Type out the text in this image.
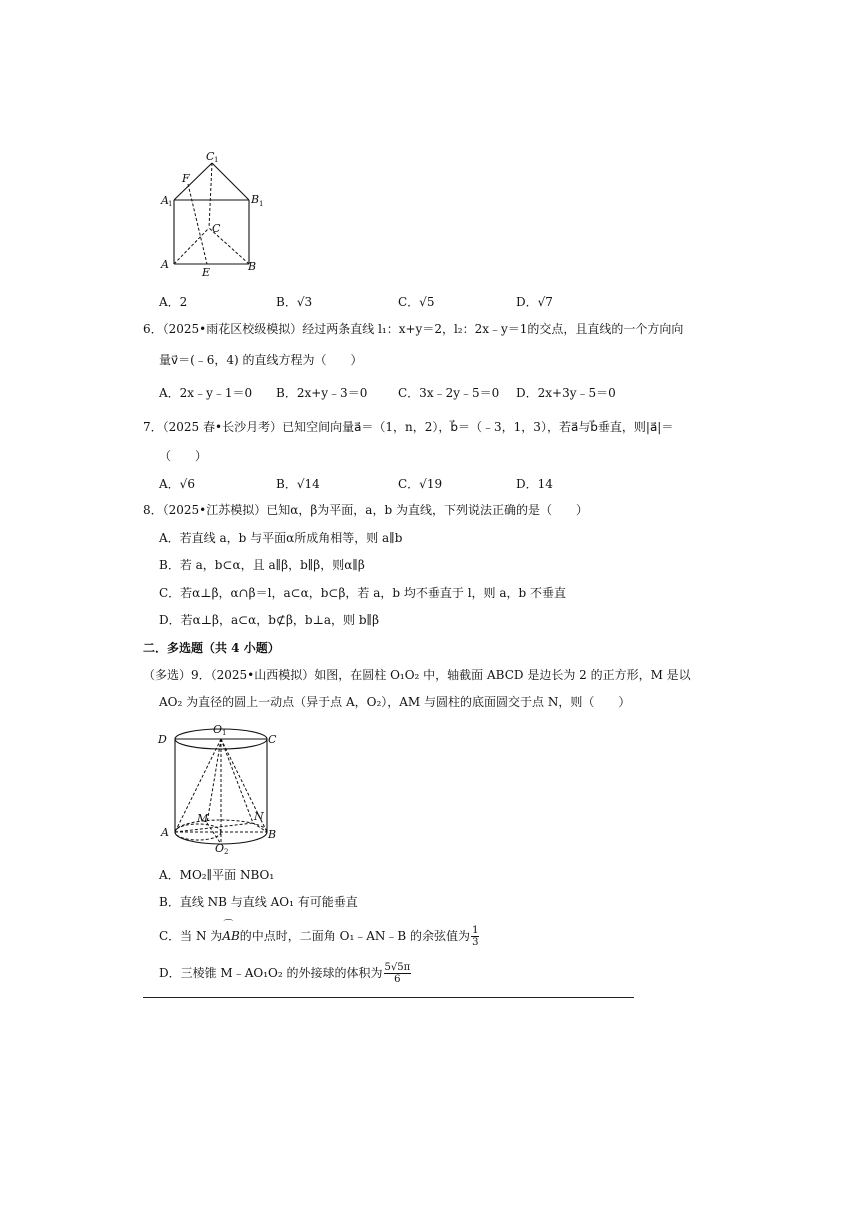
C 1
F
A 1	B 1
C
A
E	B
A．2	B．√3	C．√5	D．√7
6．（2025•雨花区校级模拟）经过两条直线 l₁：x+y＝2，l₂：2x﹣y＝1的交点，且直线的一个方向向
量v⃗＝(﹣6，4) 的直线方程为（　　）
A．2x﹣y﹣1＝0 B．2x+y﹣3＝0	C．3x﹣2y﹣5＝0 D．2x+3y﹣5＝0
7．（2025 春•长沙月考）已知空间向量a⃗＝（1，n，2），b⃗＝（﹣3，1，3），若a⃗与b⃗垂直，则|a⃗|＝
（　　）
A．√6	B．√14	C．√19	D．14
8．（2025•江苏模拟）已知α，β为平面，a，b 为直线，下列说法正确的是（　　）
A．若直线 a，b 与平面α所成角相等，则 a∥b
B．若 a，b⊂α，且 a∥β，b∥β，则α∥β
C．若α⊥β，α∩β＝l，a⊂α，b⊂β，若 a，b 均不垂直于 l，则 a，b 不垂直
D．若α⊥β，a⊂α，b⊄β，b⊥a，则 b∥β
二．多选题（共 4 小题）
（多选）9．（2025•山西模拟）如图，在圆柱 O₁O₂ 中，轴截面 ABCD 是边长为 2 的正方形，M 是以
AO₂ 为直径的圆上一动点（异于点 A，O₂），AM 与圆柱的底面圆交于点 N，则（　　）
D
O 1	C
N
M
A	B
O 2
A．MO₂∥平面 NBO₁
B．直线 NB 与直线 AO₁ 有可能垂直
C．当 N 为⌒ AB的中点时，二面角 O₁﹣AN﹣B 的余弦值为 $\frac{1}{3}$
D．三棱锥 M﹣AO₁O₂ 的外接球的体积为 $\frac{5√5\pi}{6}$
